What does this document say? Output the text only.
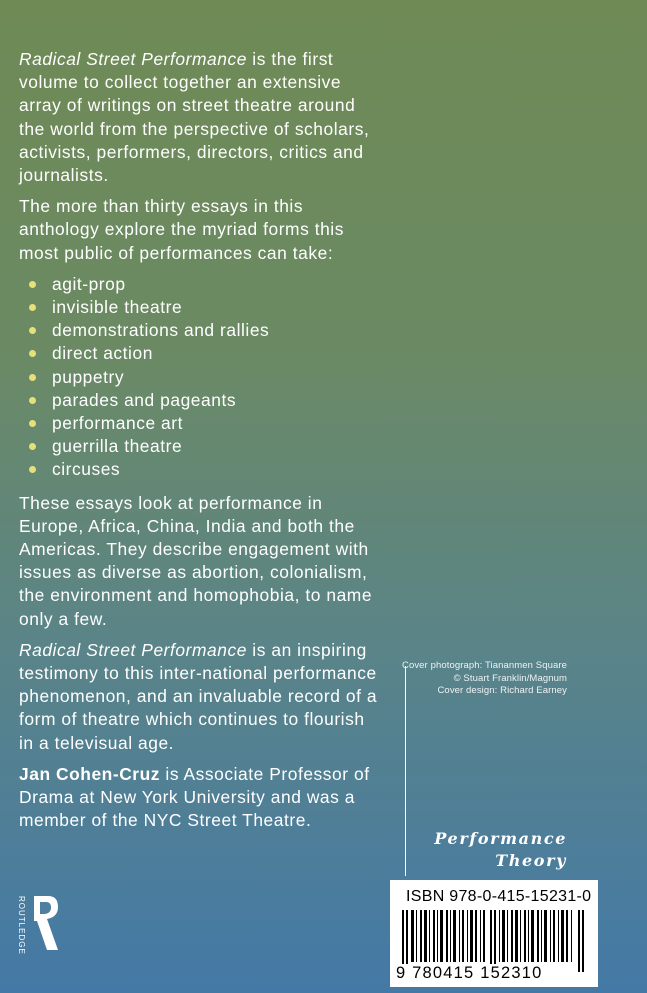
Radical Street Performance is the first volume to collect together an extensive array of writings on street theatre around the world from the perspective of scholars, activists, performers, directors, critics and journalists.

The more than thirty essays in this anthology explore the myriad forms this most public of performances can take:

agit-prop
invisible theatre
demonstrations and rallies
direct action
puppetry
parades and pageants
performance art
guerrilla theatre
circuses

These essays look at performance in Europe, Africa, China, India and both the Americas. They describe engagement with issues as diverse as abortion, colonialism, the environment and homophobia, to name only a few.

Radical Street Performance is an inspiring testimony to this inter-national performance phenomenon, and an invaluable record of a form of theatre which continues to flourish in a televisual age.

Jan Cohen-Cruz is Associate Professor of Drama at New York University and was a member of the NYC Street Theatre.

Cover photograph: Tiananmen Square
© Stuart Franklin/Magnum
Cover design: Richard Earney
Performance
Theory
ISBN 978-0-415-15231-0
9 780415 152310
ROUTLEDGE
